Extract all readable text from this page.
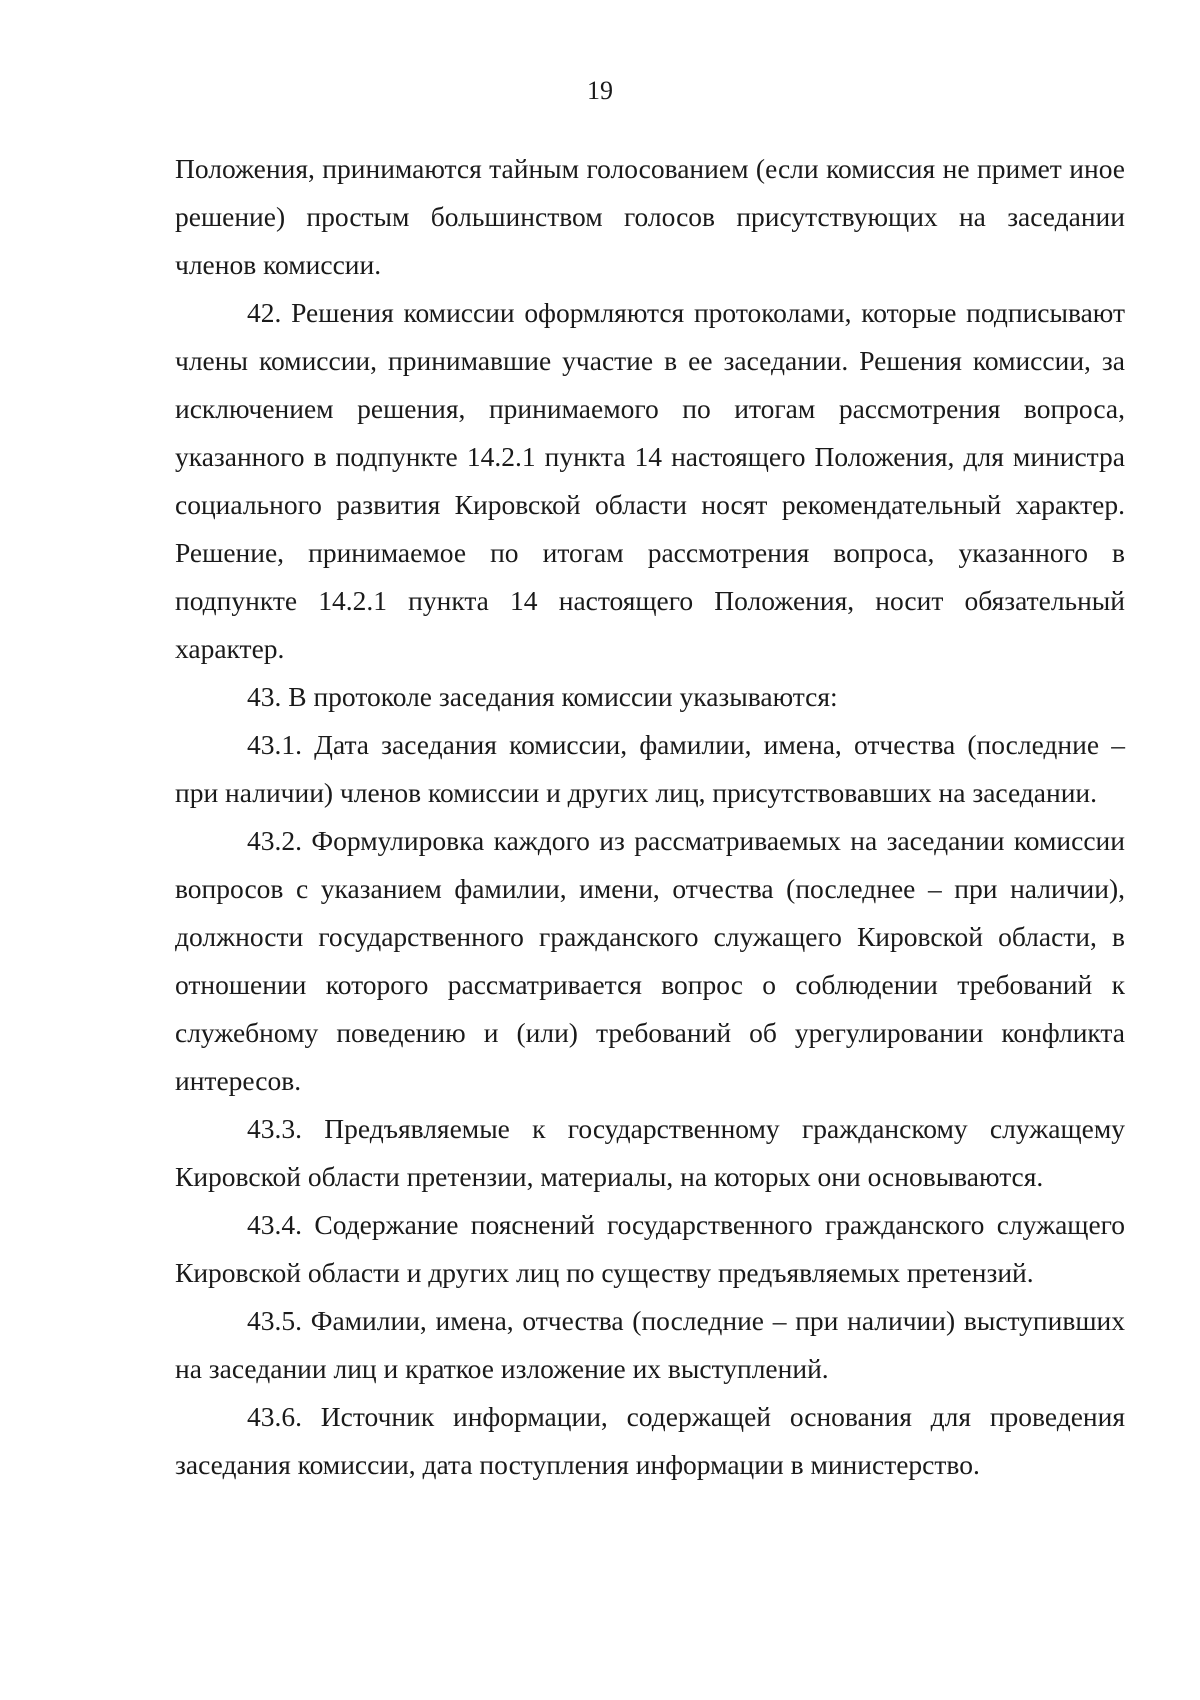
19

Положения, принимаются тайным голосованием (если комиссия не примет иное решение) простым большинством голосов присутствующих на заседании членов комиссии.

42. Решения комиссии оформляются протоколами, которые подписывают члены комиссии, принимавшие участие в ее заседании. Решения комиссии, за исключением решения, принимаемого по итогам рассмотрения вопроса, указанного в подпункте 14.2.1 пункта 14 настоящего Положения, для министра социального развития Кировской области носят рекомендательный характер. Решение, принимаемое по итогам рассмотрения вопроса, указанного в подпункте 14.2.1 пункта 14 настоящего Положения, носит обязательный характер.

43. В протоколе заседания комиссии указываются:

43.1. Дата заседания комиссии, фамилии, имена, отчества (последние – при наличии) членов комиссии и других лиц, присутствовавших на заседании.

43.2. Формулировка каждого из рассматриваемых на заседании комиссии вопросов с указанием фамилии, имени, отчества (последнее – при наличии), должности государственного гражданского служащего Кировской области, в отношении которого рассматривается вопрос о соблюдении требований к служебному поведению и (или) требований об урегулировании конфликта интересов.

43.3. Предъявляемые к государственному гражданскому служащему Кировской области претензии, материалы, на которых они основываются.

43.4. Содержание пояснений государственного гражданского служащего Кировской области и других лиц по существу предъявляемых претензий.

43.5. Фамилии, имена, отчества (последние – при наличии) выступивших на заседании лиц и краткое изложение их выступлений.

43.6. Источник информации, содержащей основания для проведения заседания комиссии, дата поступления информации в министерство.
